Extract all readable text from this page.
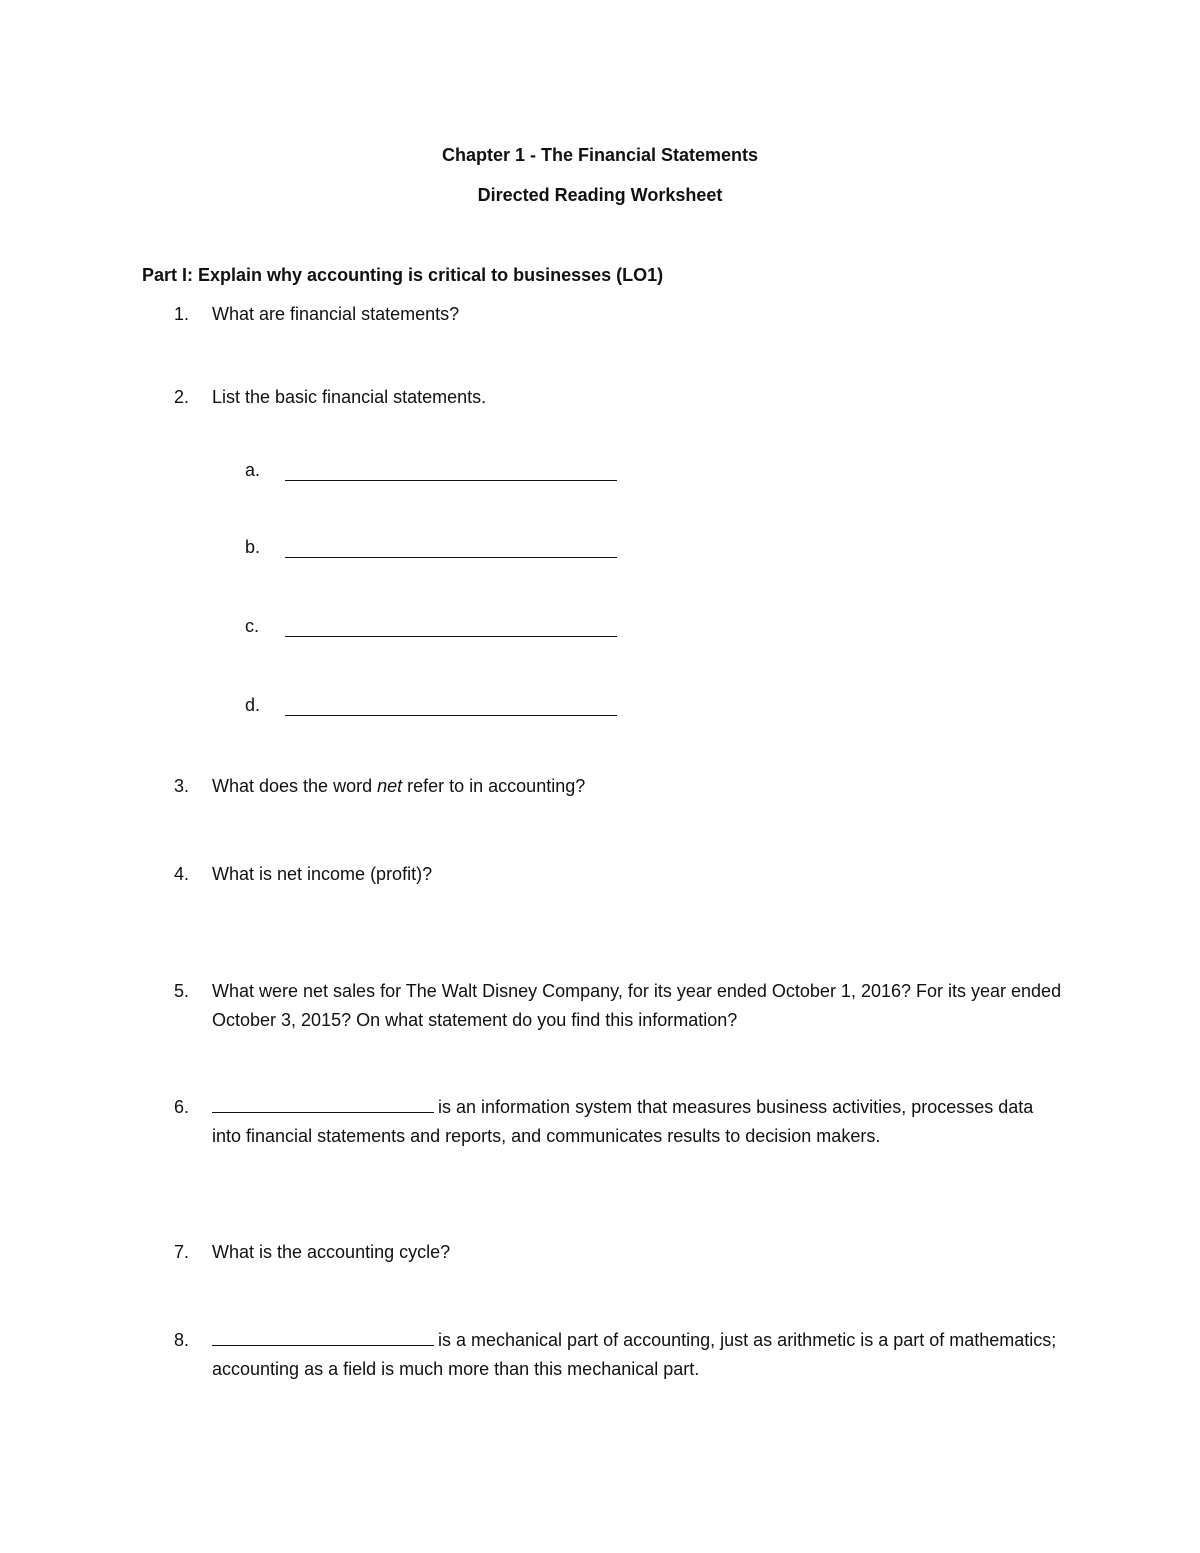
Chapter 1 - The Financial Statements
Directed Reading Worksheet
Part I: Explain why accounting is critical to businesses (LO1)
1. What are financial statements?
2. List the basic financial statements.
a.
b.
c.
d.
3. What does the word net refer to in accounting?
4. What is net income (profit)?
5. What were net sales for The Walt Disney Company, for its year ended October 1, 2016? For its year ended October 3, 2015? On what statement do you find this information?
6.	is an information system that measures business activities, processes data into financial statements and reports, and communicates results to decision makers.
7. What is the accounting cycle?
8.	is a mechanical part of accounting, just as arithmetic is a part of mathematics; accounting as a field is much more than this mechanical part.
